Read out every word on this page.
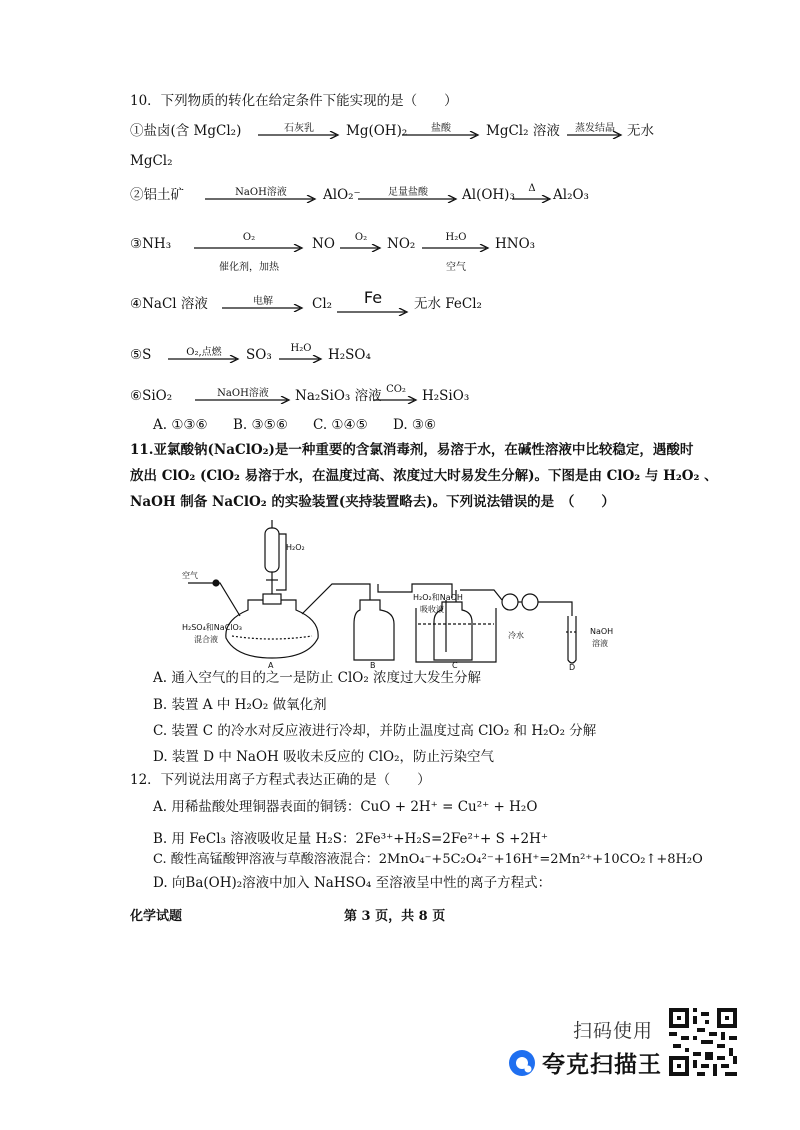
10．下列物质的转化在给定条件下能实现的是（　　）
①盐卤(含 MgCl₂)	石灰乳	Mg(OH)₂	盐酸	MgCl₂ 溶液	蒸发结晶 无水
MgCl₂
②铝土矿	NaOH溶液	AlO₂⁻	足量盐酸	Al(OH)₃	Δ	Al₂O₃
③NH₃	O₂
催化剂，加热
NO	O₂	NO₂	H₂O
空气
HNO₃
④NaCl 溶液	电解	Cl₂	Fe	无水 FeCl₂
⑤S	O₂,点燃	SO₃	H₂O	H₂SO₄
⑥SiO₂	NaOH溶液	Na₂SiO₃ 溶液 CO₂	H₂SiO₃
A. ①③⑥ B. ③⑤⑥ C. ①④⑤ D. ③⑥
11.亚氯酸钠(NaClO₂)是一种重要的含氯消毒剂，易溶于水，在碱性溶液中比较稳定，遇酸时
放出 ClO₂ (ClO₂ 易溶于水，在温度过高、浓度过大时易发生分解)。下图是由 ClO₂ 与 H₂O₂ 、
NaOH 制备 NaClO₂ 的实验装置(夹持装置略去)。下列说法错误的是　（　　）
H₂O₂
空气
H₂SO₄和NaClO₃
混合液
H₂O₂和NaOH
吸收液
冷水	NaOH
溶液
A	B	C	D
A. 通入空气的目的之一是防止 ClO₂ 浓度过大发生分解
B. 装置 A 中 H₂O₂ 做氧化剂
C. 装置 C 的冷水对反应液进行冷却，并防止温度过高 ClO₂ 和 H₂O₂ 分解
D. 装置 D 中 NaOH 吸收未反应的 ClO₂，防止污染空气
12．下列说法用离子方程式表达正确的是（　　）
A. 用稀盐酸处理铜器表面的铜锈：CuO + 2H⁺ = Cu²⁺ + H₂O
B. 用 FeCl₃ 溶液吸收足量 H₂S：2Fe³⁺+H₂S=2Fe²⁺+ S +2H⁺
C. 酸性高锰酸钾溶液与草酸溶液混合：2MnO₄⁻+5C₂O₄²⁻+16H⁺=2Mn²⁺+10CO₂↑+8H₂O
D. 向Ba(OH)₂溶液中加入 NaHSO₄ 至溶液呈中性的离子方程式：
化学试题	第 3 页，共 8 页
扫码使用
夸克扫描王
